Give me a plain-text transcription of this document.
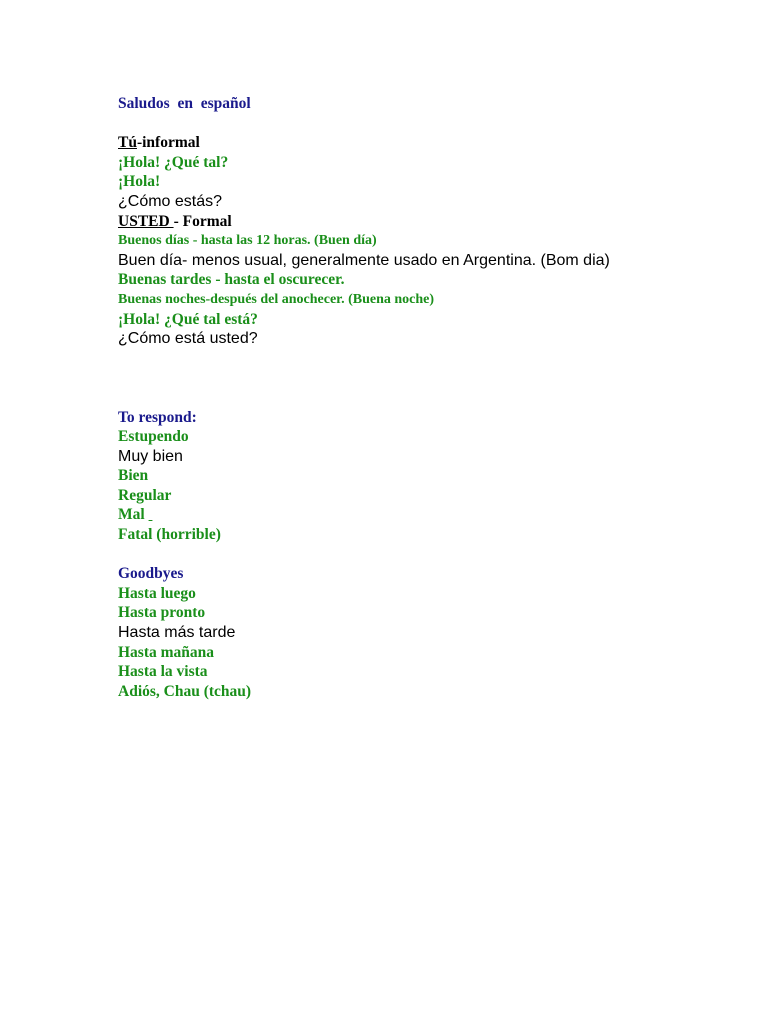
Saludos  en  español
Tú-informal
¡Hola! ¿Qué tal?
¡Hola!
¿Cómo estás?
USTED - Formal
Buenos días - hasta las 12 horas. (Buen día)
Buen día- menos usual, generalmente usado en Argentina. (Bom dia)
Buenas tardes - hasta el oscurecer.
Buenas noches-después del anochecer. (Buena noche)
¡Hola! ¿Qué tal está?
¿Cómo está usted?
To respond:
Estupendo
Muy bien
Bien
Regular
Mal
Fatal (horrible)
Goodbyes
Hasta luego
Hasta pronto
Hasta más tarde
Hasta mañana
Hasta la vista
Adiós, Chau (tchau)
